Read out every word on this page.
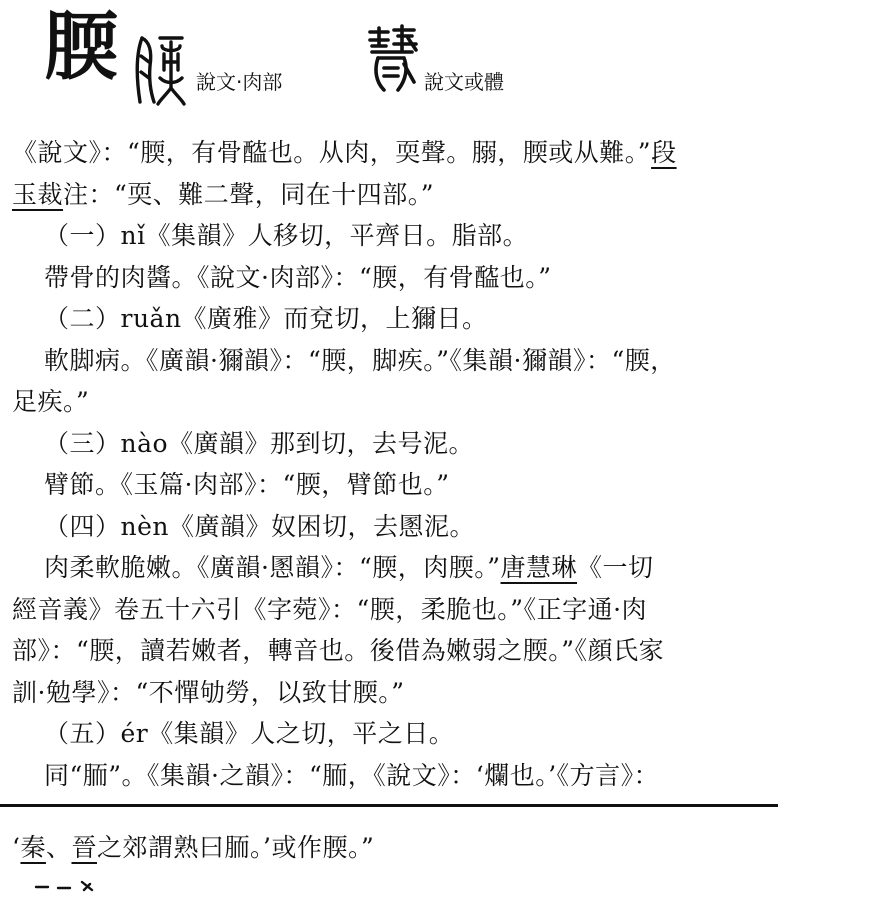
腝	說文·肉部	說文或體
《說文》：“腝，有骨醓也。从肉，耎聲。䐞，腝或从難。”段
玉裁注：“耎、難二聲，同在十四部。”
（一）nǐ《集韻》人移切，平齊日。脂部。
帶骨的肉醬。《說文·肉部》：“腝，有骨醓也。”
（二）ruǎn《廣雅》而兗切，上獮日。
軟脚病。《廣韻·獮韻》：“腝，脚疾。”《集韻·獮韻》：“腝，
足疾。”
（三）nào《廣韻》那到切，去号泥。
臂節。《玉篇·肉部》：“腝，臂節也。”
（四）nèn《廣韻》奴困切，去慁泥。
肉柔軟脆嫩。《廣韻·慁韻》：“腝，肉腝。”唐慧琳《一切
經音義》卷五十六引《字菀》：“腝，柔脆也。”《正字通·肉
部》：“腝，讀若嫩者，轉音也。後借為嫩弱之腝。”《顔氏家
訓·勉學》：“不憚劬勞，以致甘腝。”
（五）ér《集韻》人之切，平之日。
同“胹”。《集韻·之韻》：“胹，《說文》：‘爛也。’《方言》：
‘秦、晉之郊謂熟曰胹。’或作腝。”
